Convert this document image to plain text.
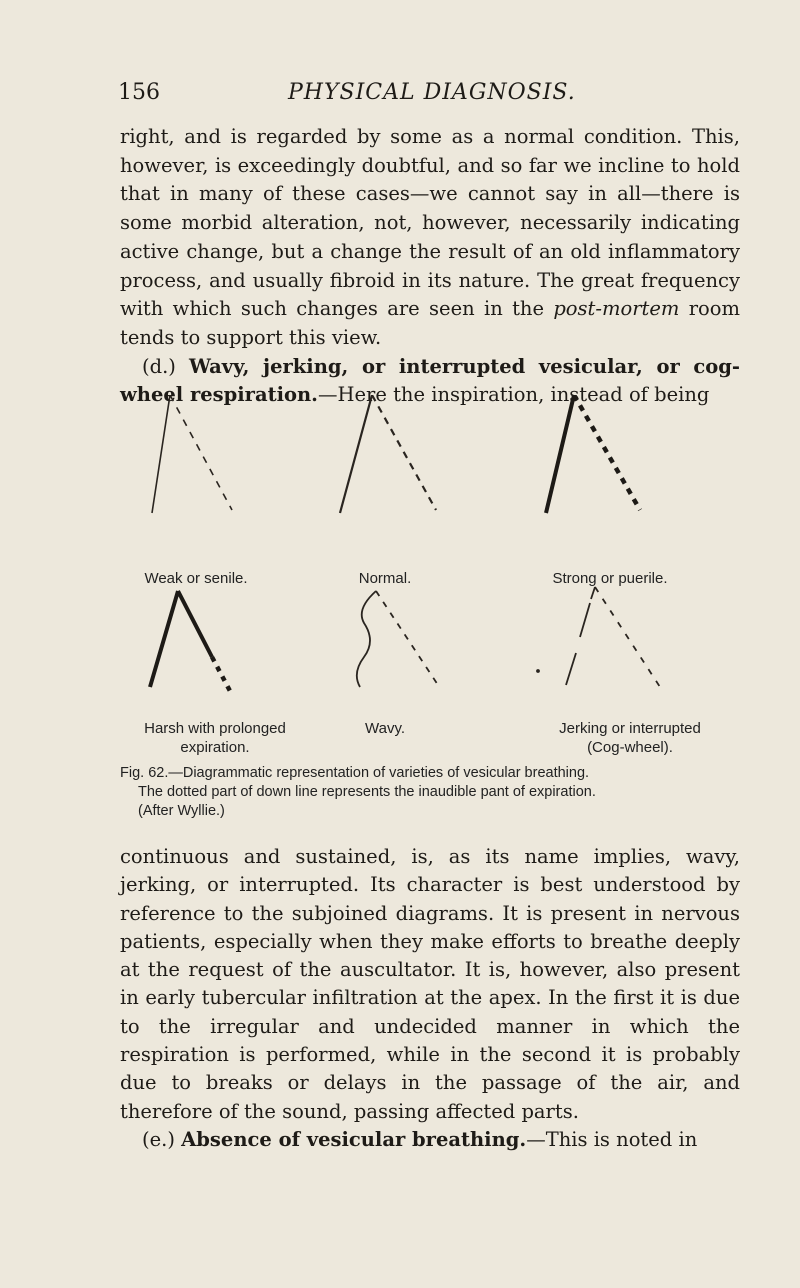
156	PHYSICAL DIAGNOSIS.

right, and is regarded by some as a normal condition. This, however, is exceedingly doubtful, and so far we incline to hold that in many of these cases—we cannot say in all—there is some morbid alteration, not, however, necessarily indicating active change, but a change the result of an old inflammatory process, and usually fibroid in its nature. The great frequency with which such changes are seen in the post-mortem room tends to support this view.

(d.) Wavy, jerking, or interrupted vesicular, or cog-wheel respiration.—Here the inspiration, instead of being

Weak or senile.	Normal.	Strong or puerile.
Harsh with prolonged
expiration.
Wavy.	Jerking or interrupted
(Cog-wheel).
Fig. 62.—Diagrammatic representation of varieties of vesicular breathing.
The dotted part of down line represents the inaudible pant of expiration.
(After Wyllie.)

continuous and sustained, is, as its name implies, wavy, jerking, or interrupted. Its character is best understood by reference to the subjoined diagrams. It is present in nervous patients, especially when they make efforts to breathe deeply at the request of the auscultator. It is, however, also present in early tubercular infiltration at the apex. In the first it is due to the irregular and undecided manner in which the respiration is performed, while in the second it is probably due to breaks or delays in the passage of the air, and therefore of the sound, passing affected parts.

(e.) Absence of vesicular breathing.—This is noted in
